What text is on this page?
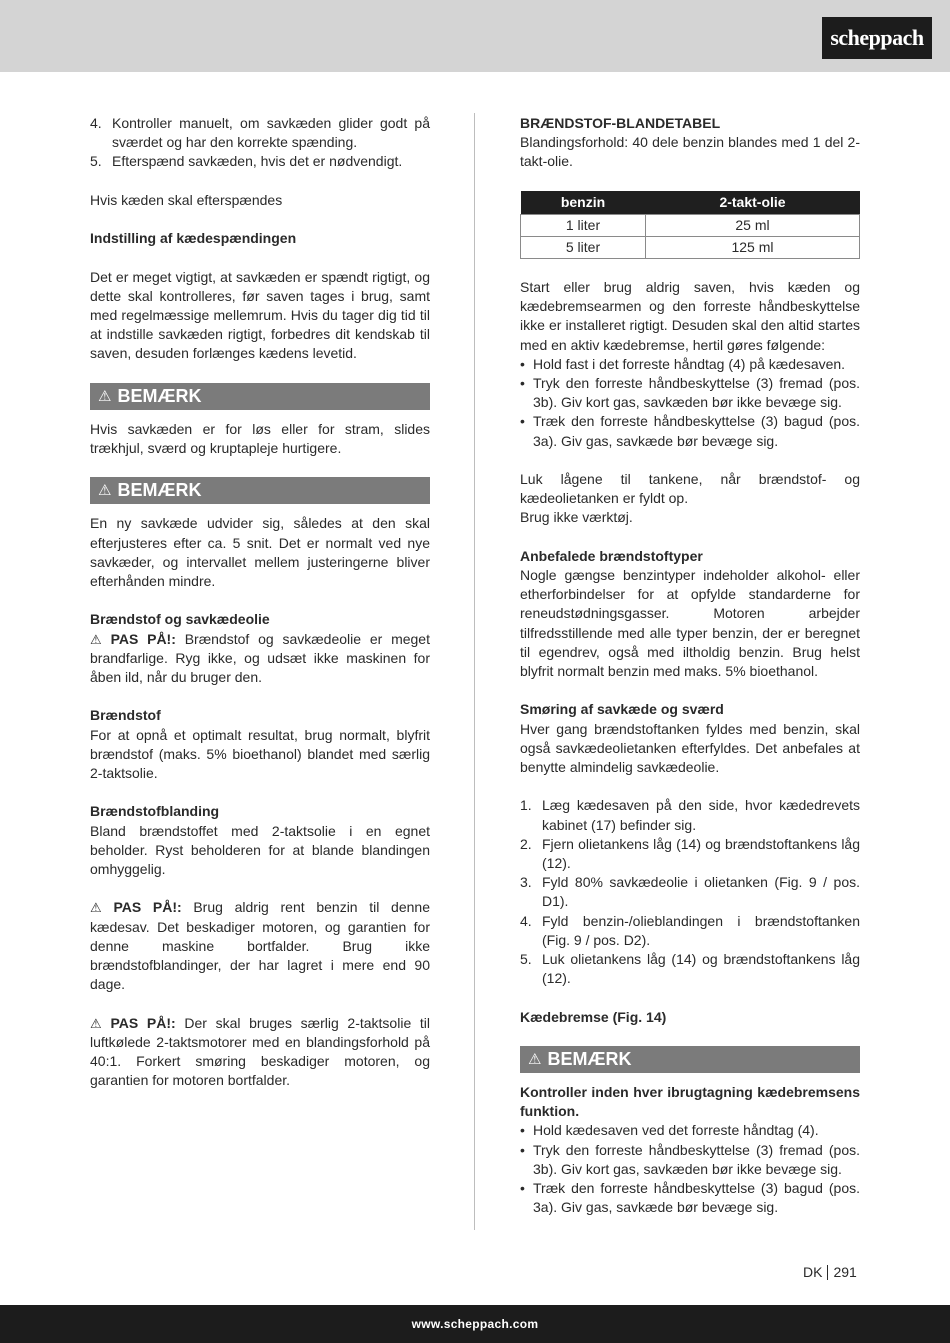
scheppach
4. Kontroller manuelt, om savkæden glider godt på sværdet og har den korrekte spænding.
5. Efterspænd savkæden, hvis det er nødvendigt.

Hvis kæden skal efterspændes

Indstilling af kædespændingen

Det er meget vigtigt, at savkæden er spændt rigtigt, og dette skal kontrolleres, før saven tages i brug, samt med regelmæssige mellemrum. Hvis du tager dig tid til at indstille savkæden rigtigt, forbedres dit kendskab til saven, desuden forlænges kædens levetid.

⚠ BEMÆRK

Hvis savkæden er for løs eller for stram, slides trækhjul, sværd og kruptapleje hurtigere.

⚠ BEMÆRK

En ny savkæde udvider sig, således at den skal efterjusteres efter ca. 5 snit. Det er normalt ved nye savkæder, og intervallet mellem justeringerne bliver efterhånden mindre.

Brændstof og savkædeolie

⚠ PAS PÅ!: Brændstof og savkædeolie er meget brandfarlige. Ryg ikke, og udsæt ikke maskinen for åben ild, når du bruger den.

Brændstof

For at opnå et optimalt resultat, brug normalt, blyfrit brændstof (maks. 5% bioethanol) blandet med særlig 2-taktsolie.

Brændstofblanding

Bland brændstoffet med 2-taktsolie i en egnet beholder. Ryst beholderen for at blande blandingen omhyggelig.

⚠ PAS PÅ!: Brug aldrig rent benzin til denne kædesav. Det beskadiger motoren, og garantien for denne maskine bortfalder. Brug ikke brændstofblandinger, der har lagret i mere end 90 dage.

⚠ PAS PÅ!: Der skal bruges særlig 2-taktsolie til luftkølede 2-taktsmotorer med en blandingsforhold på 40:1. Forkert smøring beskadiger motoren, og garantien for motoren bortfalder.

BRÆNDSTOF-BLANDETABEL

Blandingsforhold: 40 dele benzin blandes med 1 del 2-takt-olie.

benzin	2-takt-olie
1 liter	25 ml
5 liter	125 ml

Start eller brug aldrig saven, hvis kæden og kædebremsearmen og den forreste håndbeskyttelse ikke er installeret rigtigt. Desuden skal den altid startes med en aktiv kædebremse, hertil gøres følgende:

• Hold fast i det forreste håndtag (4) på kædesaven.
• Tryk den forreste håndbeskyttelse (3) fremad (pos. 3b). Giv kort gas, savkæden bør ikke bevæge sig.
• Træk den forreste håndbeskyttelse (3) bagud (pos. 3a). Giv gas, savkæde bør bevæge sig.

Luk lågene til tankene, når brændstof- og kædeolietanken er fyldt op.

Brug ikke værktøj.

Anbefalede brændstoftyper

Nogle gængse benzintyper indeholder alkohol- eller etherforbindelser for at opfylde standarderne for reneudstødningsgasser. Motoren arbejder tilfredsstillende med alle typer benzin, der er beregnet til egendrev, også med iltholdig benzin. Brug helst blyfrit normalt benzin med maks. 5% bioethanol.

Smøring af savkæde og sværd

Hver gang brændstoftanken fyldes med benzin, skal også savkædeolietanken efterfyldes. Det anbefales at benytte almindelig savkædeolie.

1. Læg kædesaven på den side, hvor kædedrevets kabinet (17) befinder sig.
2. Fjern olietankens låg (14) og brændstoftankens låg (12).
3. Fyld 80% savkædeolie i olietanken (Fig. 9 / pos. D1).
4. Fyld benzin-/olieblandingen i brændstoftanken (Fig. 9 / pos. D2).
5. Luk olietankens låg (14) og brændstoftankens låg (12).

Kædebremse (Fig. 14)

⚠ BEMÆRK

Kontroller inden hver ibrugtagning kædebremsens funktion.

• Hold kædesaven ved det forreste håndtag (4).
• Tryk den forreste håndbeskyttelse (3) fremad (pos. 3b). Giv kort gas, savkæden bør ikke bevæge sig.
• Træk den forreste håndbeskyttelse (3) bagud (pos. 3a). Giv gas, savkæde bør bevæge sig.
DK 291
www.scheppach.com
